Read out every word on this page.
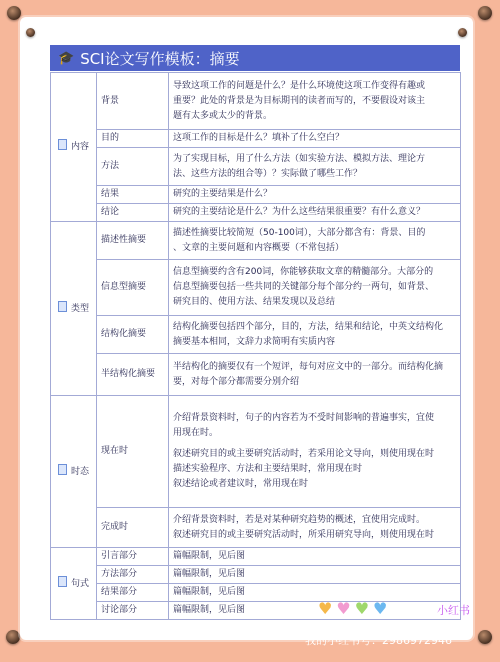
🎓 SCI论文写作模板：摘要
内容	背景	导致这项工作的问题是什么？是什么环境使这项工作变得有趣或
重要？此处的背景是为目标期刊的读者而写的，不要假设对该主
题有太多或太少的背景。

	目的	这项工作的目标是什么？填补了什么空白？

	方法	为了实现目标，用了什么方法（如实验方法、模拟方法、理论方
法、这些方法的组合等）？实际做了哪些工作？

	结果	研究的主要结果是什么？

	结论	研究的主要结论是什么？为什么这些结果很重要？有什么意义？

类型	描述性摘要	描述性摘要比较简短（50-100词），大部分都含有：背景、目的
、文章的主要问题和内容概要（不常包括）

	信息型摘要	信息型摘要约含有200词，你能够获取文章的精髓部分。大部分的
信息型摘要包括一些共同的关键部分每个部分约一两句，如背景、
研究目的、使用方法、结果发现以及总结

	结构化摘要	结构化摘要包括四个部分，目的，方法，结果和结论，中英文结构化
摘要基本相同，文辞力求简明有实质内容

	半结构化摘要	半结构化的摘要仅有一个短评，每句对应文中的一部分。而结构化摘
要，对每个部分都需要分别介绍

时态	现在时	介绍背景资料时，句子的内容若为不受时间影响的普遍事实，宜使
用现在时。
叙述研究目的或主要研究活动时，若采用论文导向，则使用现在时
描述实验程序、方法和主要结果时，常用现在时
叙述结论或者建议时，常用现在时

	完成时	介绍背景资料时，若是对某种研究趋势的概述，宜使用完成时。
叙述研究目的或主要研究活动时，所采用研究导向，则使用现在时

句式	引言部分	篇幅限制，见后图
	方法部分	篇幅限制，见后图
	结果部分	篇幅限制，见后图
	讨论部分	篇幅限制，见后图	♥ ♥ ♥ ♥	小红书
我的小红书号：2986972946
